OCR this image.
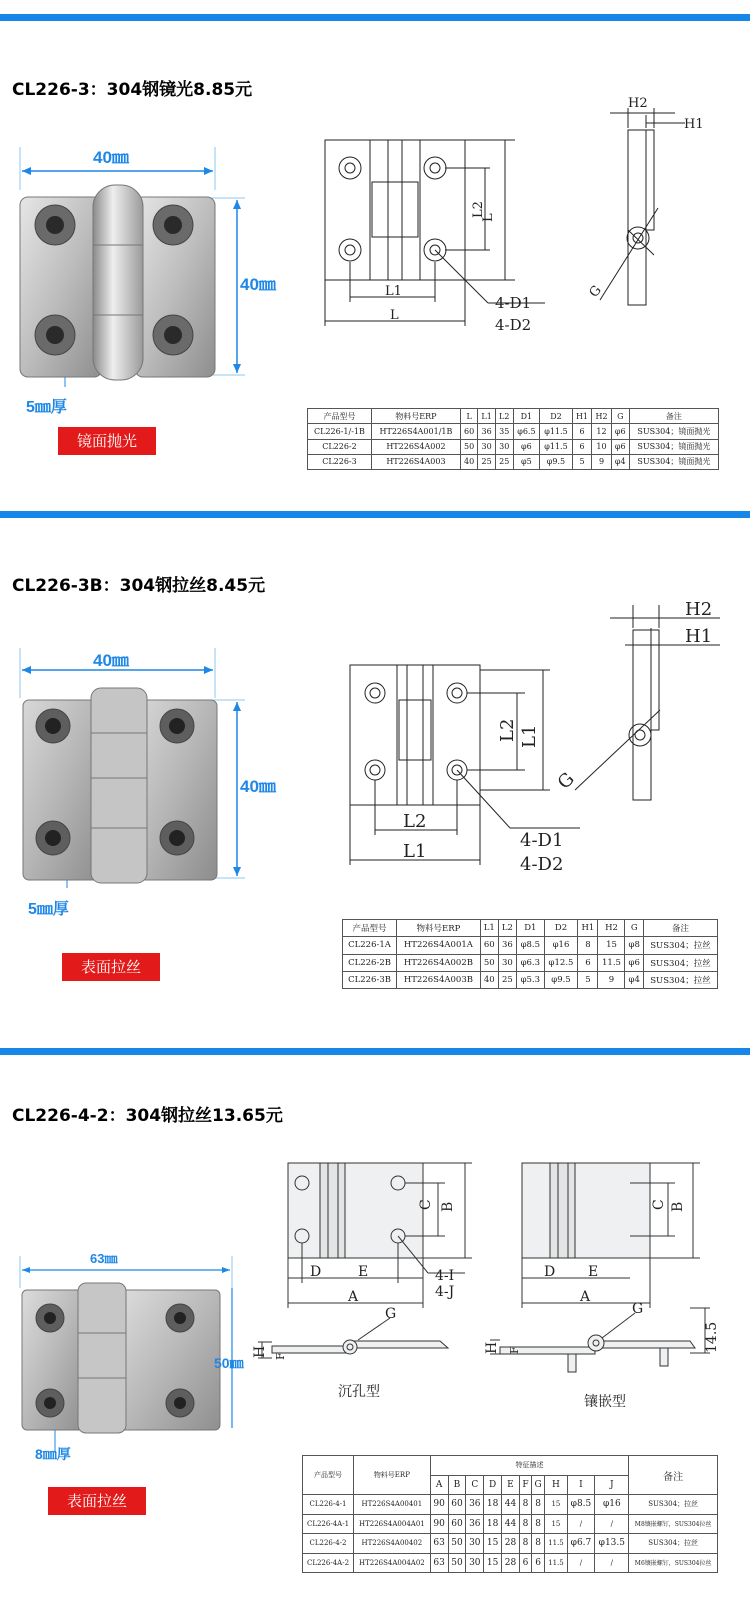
CL226-3：304钢镜光8.85元
40㎜
40㎜
5㎜厚
镜面抛光
L
L2
L1
L
4-D1
4-D2
H2
H1
G
产品型号	物料号ERP	L	L1	L2	D1	D2	H1	H2	G	备注
CL226-1/-1B	HT226S4A001/1B	60	36	35	φ6.5	φ11.5	6	12	φ6	SUS304；镜面抛光
CL226-2	HT226S4A002	50	30	30	φ6	φ11.5	6	10	φ6	SUS304；镜面抛光
CL226-3	HT226S4A003	40	25	25	φ5	φ9.5	5	9	φ4	SUS304；镜面抛光
CL226-3B：304钢拉丝8.45元
40㎜
40㎜
5㎜厚
表面拉丝
L1
L2
L2
L1
4-D1
4-D2
H2
H1
G
产品型号	物料号ERP	L1	L2	D1	D2	H1	H2	G	备注
CL226-1A	HT226S4A001A	60	36	φ8.5	φ16	8	15	φ8	SUS304；拉丝
CL226-2B	HT226S4A002B	50	30	φ6.3	φ12.5	6	11.5	φ6	SUS304；拉丝
CL226-3B	HT226S4A003B	40	25	φ5.3	φ9.5	5	9	φ4	SUS304；拉丝
CL226-4-2：304钢拉丝13.65元
63㎜
50㎜
8㎜厚
表面拉丝
B
C
D	E
A
4-I
4-J
B
C
D E
A
H F
G
H F
G
14.5
沉孔型
镶嵌型
产品型号	物料号ERP	特征描述										备注
		A	B	C	D	E	F	G	H	I	J	
CL226-4-1	HT226S4A00401	90	60	36	18	44	8	8	15	φ8.5	φ16	SUS304；拉丝
CL226-4A-1	HT226S4A004A01	90	60	36	18	44	8	8	15	/	/	M8镶嵌螺钉，SUS304拉丝
CL226-4-2	HT226S4A00402	63	50	30	15	28	8	8	11.5	φ6.7	φ13.5	SUS304；拉丝
CL226-4A-2	HT226S4A004A02	63	50	30	15	28	6	6	11.5	/	/	M6镶嵌螺钉，SUS304拉丝
